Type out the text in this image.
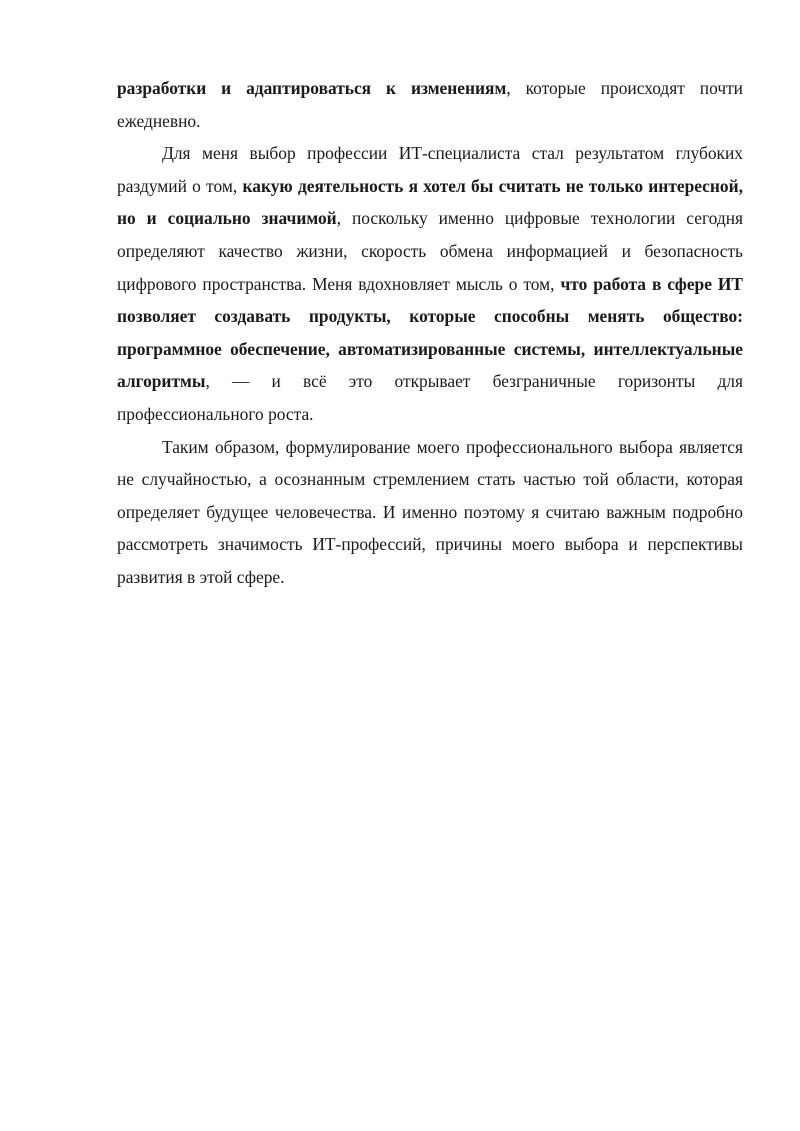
разработки и адаптироваться к изменениям, которые происходят почти ежедневно.

Для меня выбор профессии ИТ-специалиста стал результатом глубоких раздумий о том, какую деятельность я хотел бы считать не только интересной, но и социально значимой, поскольку именно цифровые технологии сегодня определяют качество жизни, скорость обмена информацией и безопасность цифрового пространства. Меня вдохновляет мысль о том, что работа в сфере ИТ позволяет создавать продукты, которые способны менять общество: программное обеспечение, автоматизированные системы, интеллектуальные алгоритмы, — и всё это открывает безграничные горизонты для профессионального роста.

Таким образом, формулирование моего профессионального выбора является не случайностью, а осознанным стремлением стать частью той области, которая определяет будущее человечества. И именно поэтому я считаю важным подробно рассмотреть значимость ИТ-профессий, причины моего выбора и перспективы развития в этой сфере.
